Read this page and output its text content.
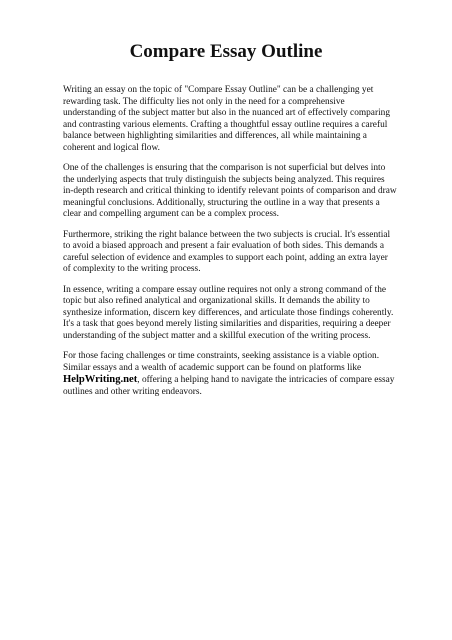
Compare Essay Outline

Writing an essay on the topic of "Compare Essay Outline" can be a challenging yet rewarding task. The difficulty lies not only in the need for a comprehensive understanding of the subject matter but also in the nuanced art of effectively comparing and contrasting various elements. Crafting a thoughtful essay outline requires a careful balance between highlighting similarities and differences, all while maintaining a coherent and logical flow.

One of the challenges is ensuring that the comparison is not superficial but delves into the underlying aspects that truly distinguish the subjects being analyzed. This requires in-depth research and critical thinking to identify relevant points of comparison and draw meaningful conclusions. Additionally, structuring the outline in a way that presents a clear and compelling argument can be a complex process.

Furthermore, striking the right balance between the two subjects is crucial. It's essential to avoid a biased approach and present a fair evaluation of both sides. This demands a careful selection of evidence and examples to support each point, adding an extra layer of complexity to the writing process.

In essence, writing a compare essay outline requires not only a strong command of the topic but also refined analytical and organizational skills. It demands the ability to synthesize information, discern key differences, and articulate those findings coherently. It's a task that goes beyond merely listing similarities and disparities, requiring a deeper understanding of the subject matter and a skillful execution of the writing process.

For those facing challenges or time constraints, seeking assistance is a viable option. Similar essays and a wealth of academic support can be found on platforms like HelpWriting.net, offering a helping hand to navigate the intricacies of compare essay outlines and other writing endeavors.
